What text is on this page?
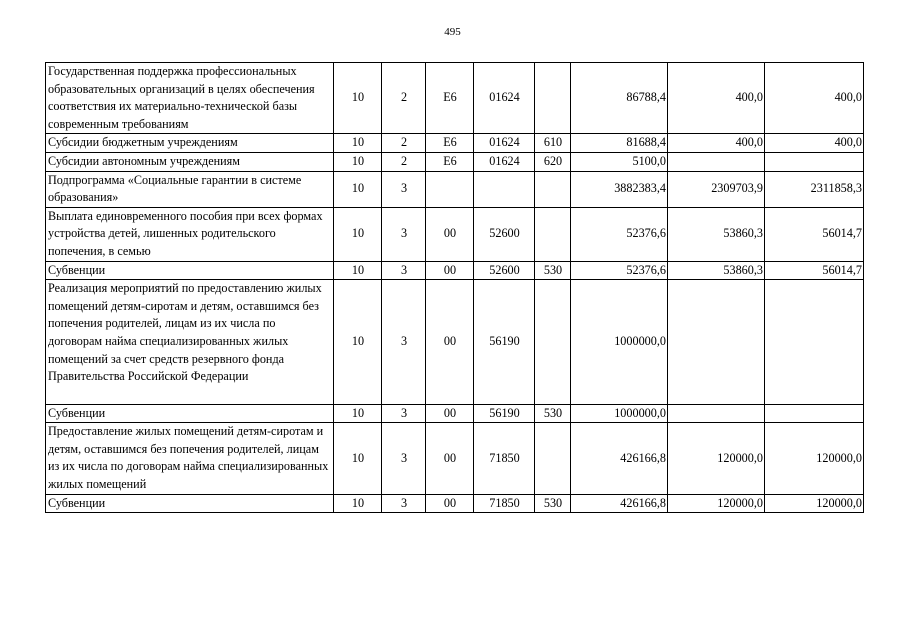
495
Государственная поддержка профессиональных образовательных организаций в целях обеспечения соответствия их материально-технической базы современным требованиям	10	2	E6	01624		86788,4	400,0	400,0
Субсидии бюджетным учреждениям	10	2	E6	01624	610	81688,4	400,0	400,0
Субсидии автономным учреждениям	10	2	E6	01624	620	5100,0		
Подпрограмма «Социальные гарантии в системе образования»	10	3				3882383,4	2309703,9	2311858,3
Выплата единовременного пособия при всех формах устройства детей, лишенных родительского попечения, в семью	10	3	00	52600		52376,6	53860,3	56014,7
Субвенции	10	3	00	52600	530	52376,6	53860,3	56014,7
Реализация мероприятий по предоставлению жилых помещений детям-сиротам и детям, оставшимся без попечения родителей, лицам из их числа по договорам найма специализированных жилых помещений за счет средств резервного фонда Правительства Российской Федерации	10	3	00	56190		1000000,0		
Субвенции	10	3	00	56190	530	1000000,0		
Предоставление жилых помещений детям-сиротам и детям, оставшимся без попечения родителей, лицам из их числа по договорам найма специализированных жилых помещений	10	3	00	71850		426166,8	120000,0	120000,0
Субвенции	10	3	00	71850	530	426166,8	120000,0	120000,0
